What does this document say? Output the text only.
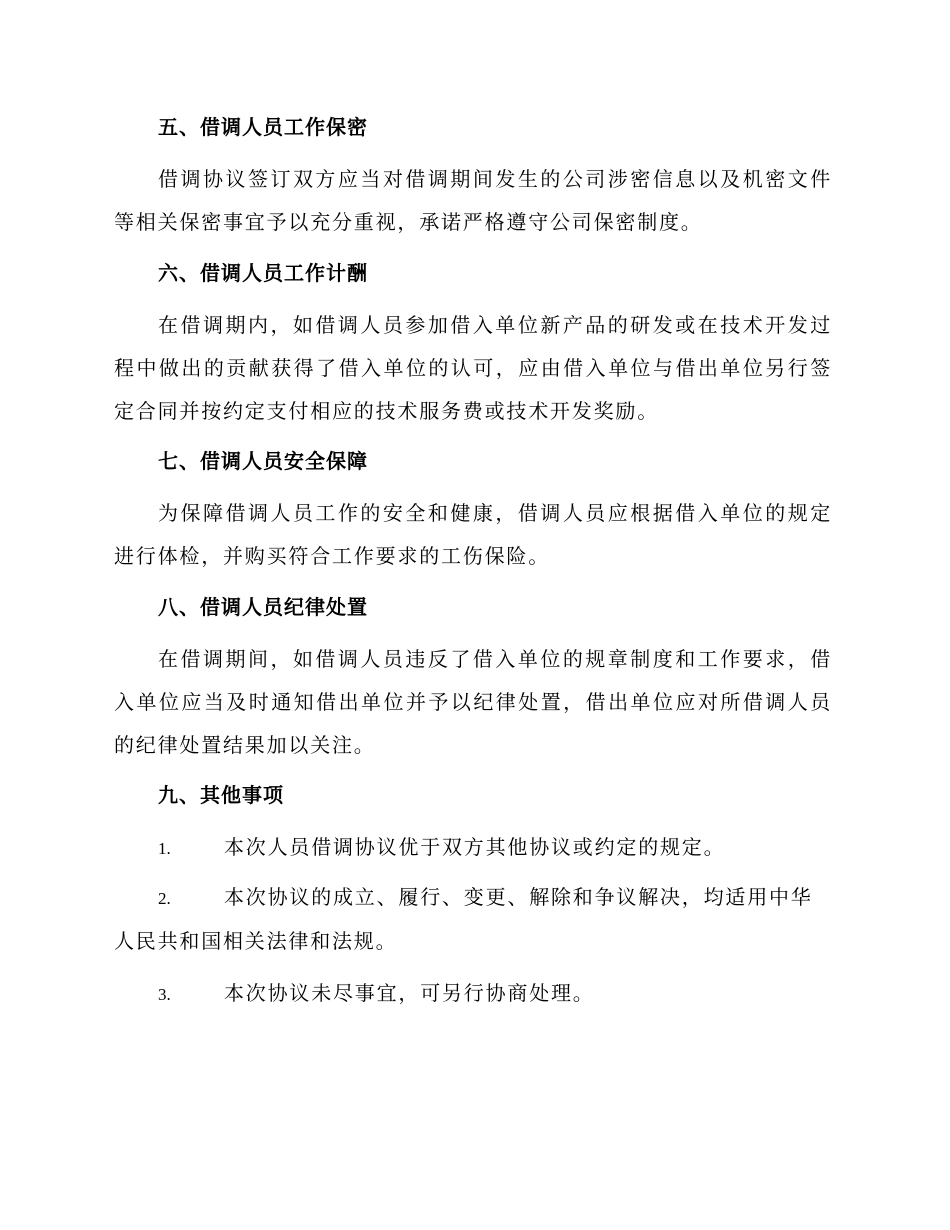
五、借调人员工作保密
借调协议签订双方应当对借调期间发生的公司涉密信息以及机密文件等相关保密事宜予以充分重视，承诺严格遵守公司保密制度。
六、借调人员工作计酬
在借调期内，如借调人员参加借入单位新产品的研发或在技术开发过程中做出的贡献获得了借入单位的认可，应由借入单位与借出单位另行签定合同并按约定支付相应的技术服务费或技术开发奖励。
七、借调人员安全保障
为保障借调人员工作的安全和健康，借调人员应根据借入单位的规定进行体检，并购买符合工作要求的工伤保险。
八、借调人员纪律处置
在借调期间，如借调人员违反了借入单位的规章制度和工作要求，借入单位应当及时通知借出单位并予以纪律处置，借出单位应对所借调人员的纪律处置结果加以关注。
九、其他事项
1.	本次人员借调协议优于双方其他协议或约定的规定。
2.	本次协议的成立、履行、变更、解除和争议解决，均适用中华人民共和国相关法律和法规。
3.	本次协议未尽事宜，可另行协商处理。
